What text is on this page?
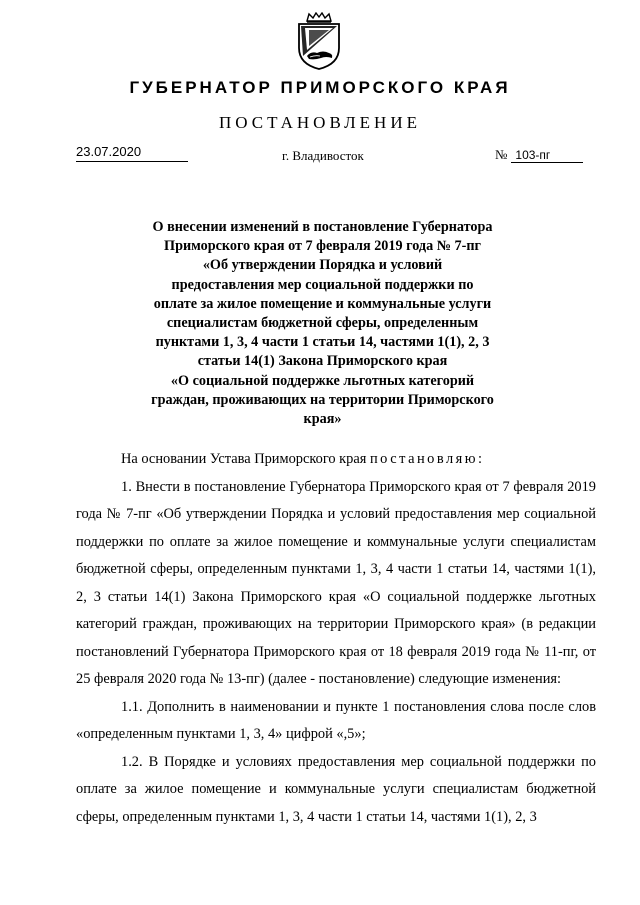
ГУБЕРНАТОР ПРИМОРСКОГО КРАЯ
ПОСТАНОВЛЕНИЕ
23.07.2020	г. Владивосток	№ 103-пг
О внесении изменений в постановление Губернатора
Приморского края от 7 февраля 2019 года № 7-пг
«Об утверждении Порядка и условий
предоставления мер социальной поддержки по
оплате за жилое помещение и коммунальные услуги
специалистам бюджетной сферы, определенным
пунктами 1, 3, 4 части 1 статьи 14, частями 1(1), 2, 3
статьи 14(1) Закона Приморского края
«О социальной поддержке льготных категорий
граждан, проживающих на территории Приморского
края»

На основании Устава Приморского края постановляю:

1. Внести в постановление Губернатора Приморского края от 7 февраля 2019 года № 7-пг «Об утверждении Порядка и условий предоставления мер социальной поддержки по оплате за жилое помещение и коммунальные услуги специалистам бюджетной сферы, определенным пунктами 1, 3, 4 части 1 статьи 14, частями 1(1), 2, 3 статьи 14(1) Закона Приморского края «О социальной поддержке льготных категорий граждан, проживающих на территории Приморского края» (в редакции постановлений Губернатора Приморского края от 18 февраля 2019 года № 11-пг, от 25 февраля 2020 года № 13-пг) (далее - постановление) следующие изменения:

1.1. Дополнить в наименовании и пункте 1 постановления слова после слов «определенным пунктами 1, 3, 4» цифрой «,5»;

1.2. В Порядке и условиях предоставления мер социальной поддержки по оплате за жилое помещение и коммунальные услуги специалистам бюджетной сферы, определенным пунктами 1, 3, 4 части 1 статьи 14, частями 1(1), 2, 3
